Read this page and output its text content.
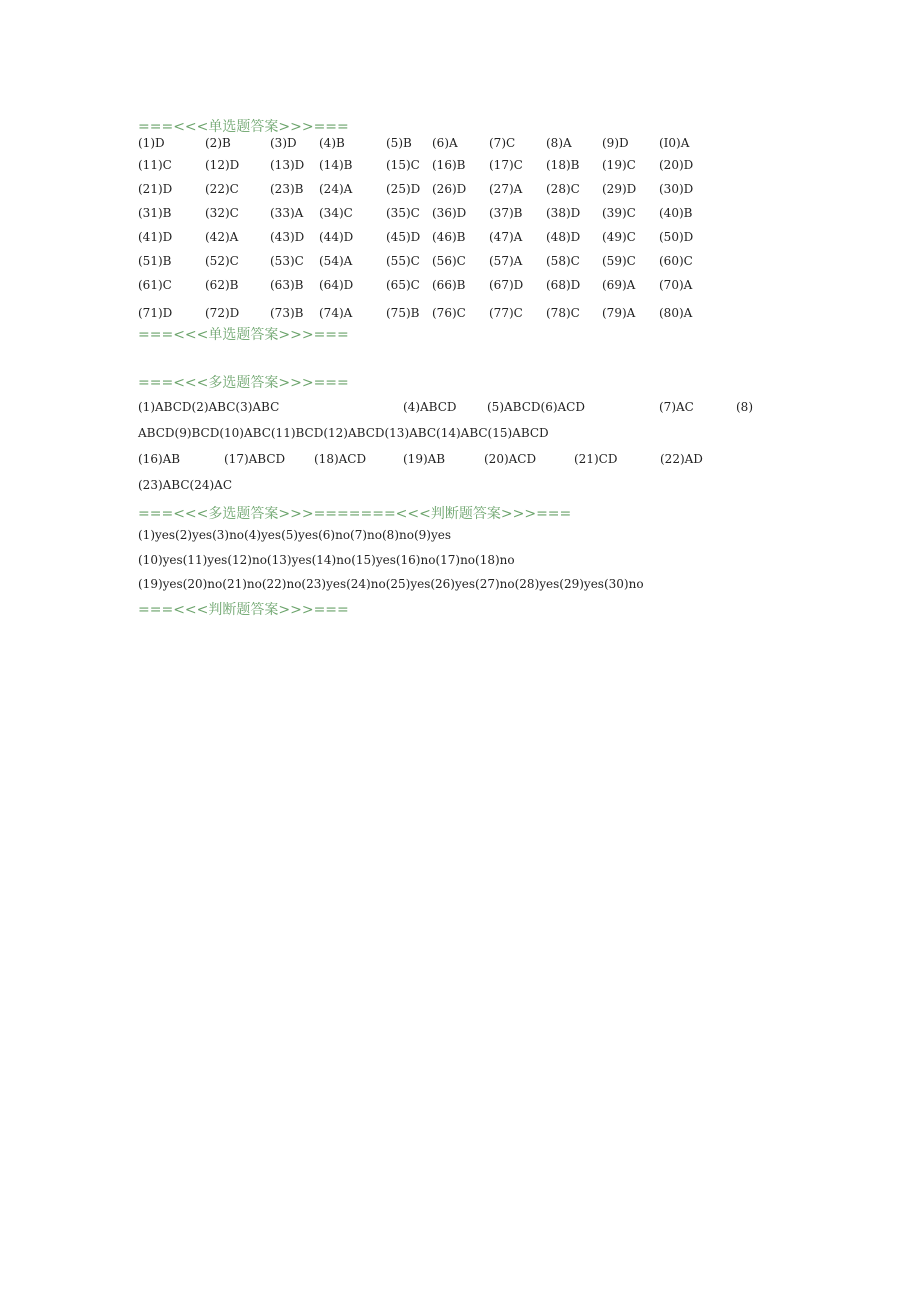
===<<<单选题答案>>>===
(1)D	(2)B	(3)D (4)B	(5)B (6)A	(7)C	(8)A	(9)D	(I0)A
(11)C	(12)D	(13)D (14)B	(15)C (16)B (17)C (18)B (19)C (20)D
(21)D	(22)C	(23)B (24)A	(25)D (26)D (27)A (28)C (29)D (30)D
(31)B	(32)C	(33)A (34)C	(35)C (36)D (37)B (38)D (39)C (40)B
(41)D	(42)A	(43)D (44)D	(45)D (46)B (47)A (48)D (49)C (50)D
(51)B	(52)C	(53)C (54)A	(55)C (56)C (57)A (58)C (59)C (60)C
(61)C	(62)B	(63)B (64)D	(65)C (66)B (67)D (68)D (69)A (70)A
(71)D	(72)D	(73)B (74)A	(75)B (76)C (77)C (78)C (79)A (80)A
===<<<单选题答案>>>===
===<<<多选题答案>>>===
(1)ABCD(2)ABC(3)ABC	(4)ABCD	(5)ABCD(6)ACD	(7)AC	(8)
ABCD(9)BCD(10)ABC(11)BCD(12)ABCD(13)ABC(14)ABC(15)ABCD
(16)AB	(17)ABCD (18)ACD	(19)AB	(20)ACD	(21)CD	(22)AD
(23)ABC(24)AC
===<<<多选题答案>>>=======<<<判断题答案>>>===
(1)yes(2)yes(3)no(4)yes(5)yes(6)no(7)no(8)no(9)yes
(10)yes(11)yes(12)no(13)yes(14)no(15)yes(16)no(17)no(18)no
(19)yes(20)no(21)no(22)no(23)yes(24)no(25)yes(26)yes(27)no(28)yes(29)yes(30)no
===<<<判断题答案>>>===
